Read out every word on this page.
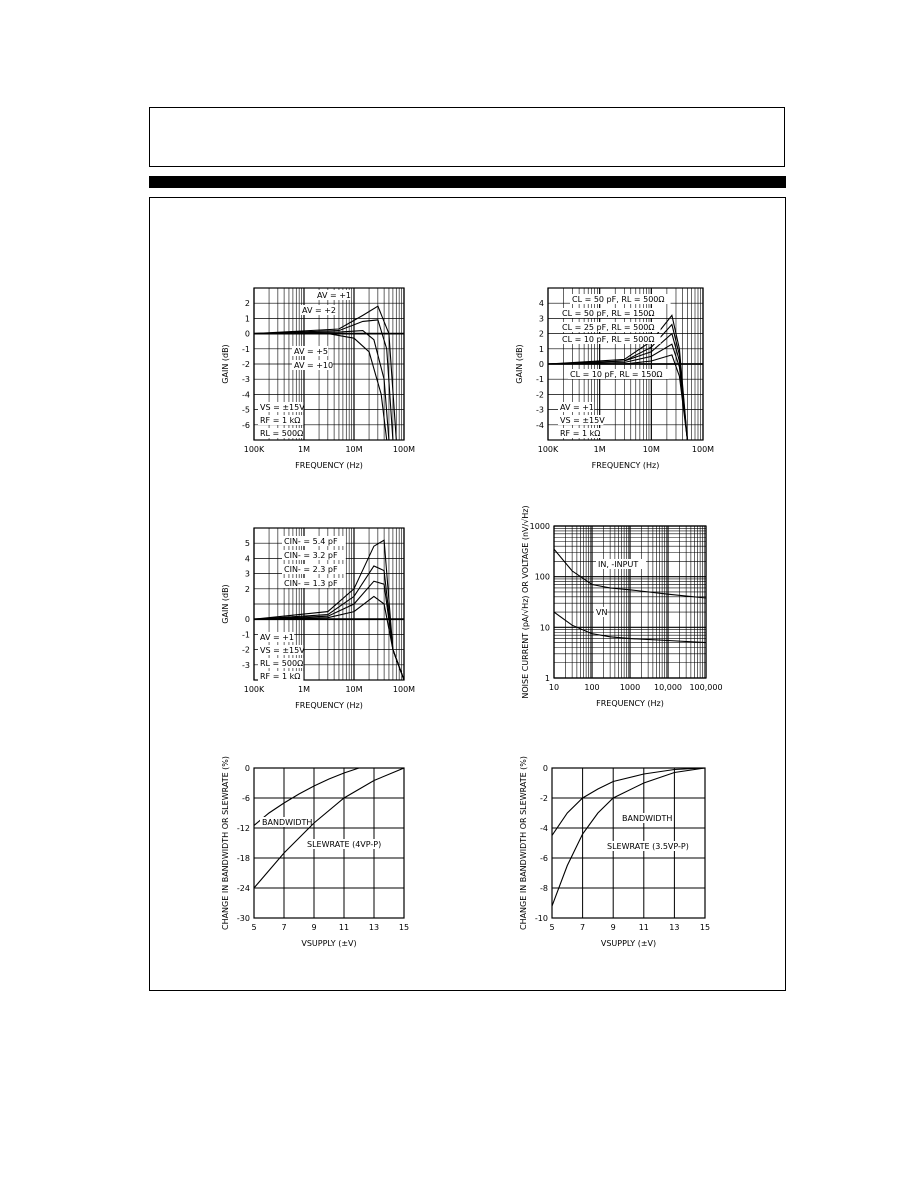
2
1
0
-1
-2
-3
-4
-5
-6
100K	1M	10M	100M
FREQUENCY (Hz)
GAIN (dB)
AV = +1
AV = +2
AV = +5
AV = +10
VS = ±15V
RF = 1 kΩ
RL = 500Ω
4
3
2
1
0
-1
-2
-3
-4
100K	1M	10M	100M
FREQUENCY (Hz)
GAIN (dB)
CL = 50 pF, RL = 500Ω
CL = 50 pF, RL = 150Ω
CL = 25 pF, RL = 500Ω
CL = 10 pF, RL = 500Ω
CL = 10 pF, RL = 150Ω
AV = +1
VS = ±15V
RF = 1 kΩ
5
4
3
2
0
-1
-2
-3
100K	1M	10M	100M
FREQUENCY (Hz)
GAIN (dB)
CIN- = 5.4 pF
CIN- = 3.2 pF
CIN- = 2.3 pF
CIN- = 1.3 pF
AV = +1
VS = ±15V
RL = 500Ω
RF = 1 kΩ
1000
100
10
1
10	100	1000 10,000 100,000
FREQUENCY (Hz)
NOISE CURRENT (pA/√Hz) OR VOLTAGE (nV/√Hz)	IN, -INPUT
VN
0
-6
-12
-18
-24
-30
5	7	9	11 13 15
VSUPPLY (±V)
CHANGE IN BANDWIDTH OR SLEWRATE (%)	BANDWIDTH
SLEWRATE (4VP-P)
0
-2
-4
-6
-8
-10
5	7	9	11	13	15
VSUPPLY (±V)
CHANGE IN BANDWIDTH OR SLEWRATE (%)	BANDWIDTH
SLEWRATE (3.5VP-P)
